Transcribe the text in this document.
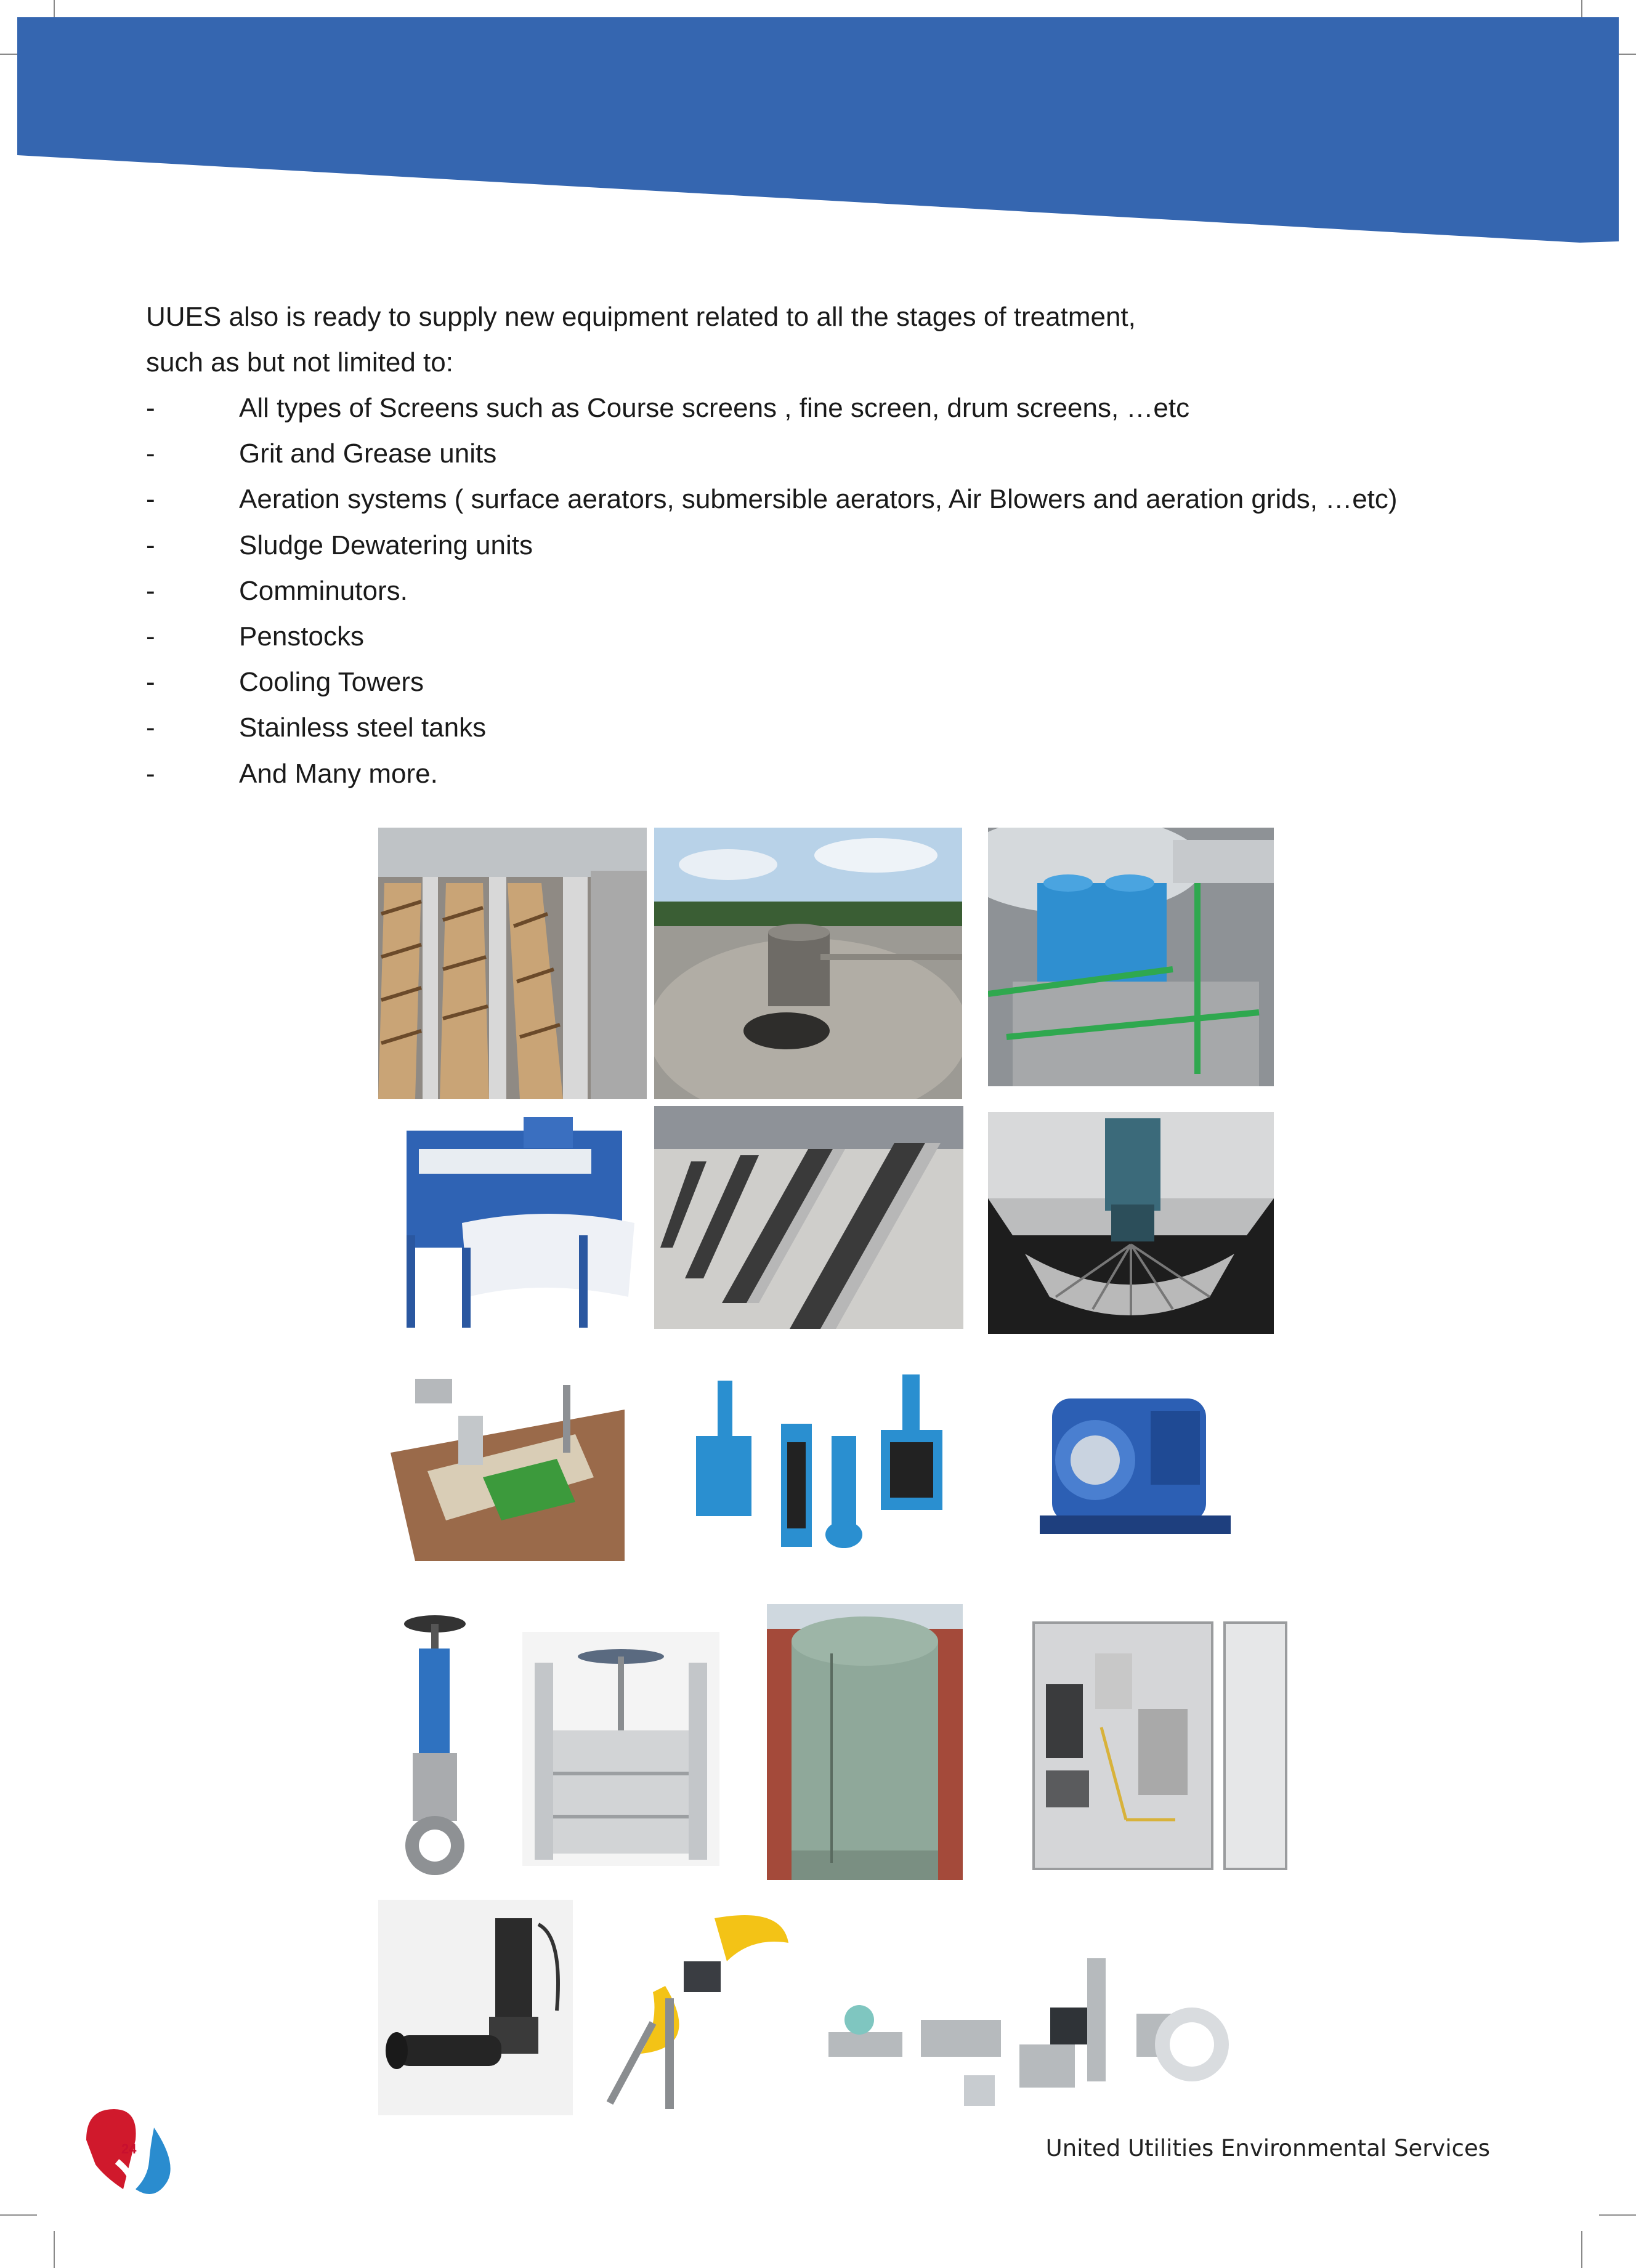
UUES also is ready to supply new equipment related to all the stages of treatment,

such as but not limited to:

-	All types of Screens such as Course screens , fine screen, drum screens, …etc
-	Grit and Grease units
-	Aeration systems ( surface aerators, submersible aerators, Air Blowers and aeration grids, …etc)
-	Sludge Dewatering units
-	Comminutors.
-	Penstocks
-	Cooling Towers
-	Stainless steel tanks
-	And Many more.
24	United Utilities Environmental Services
